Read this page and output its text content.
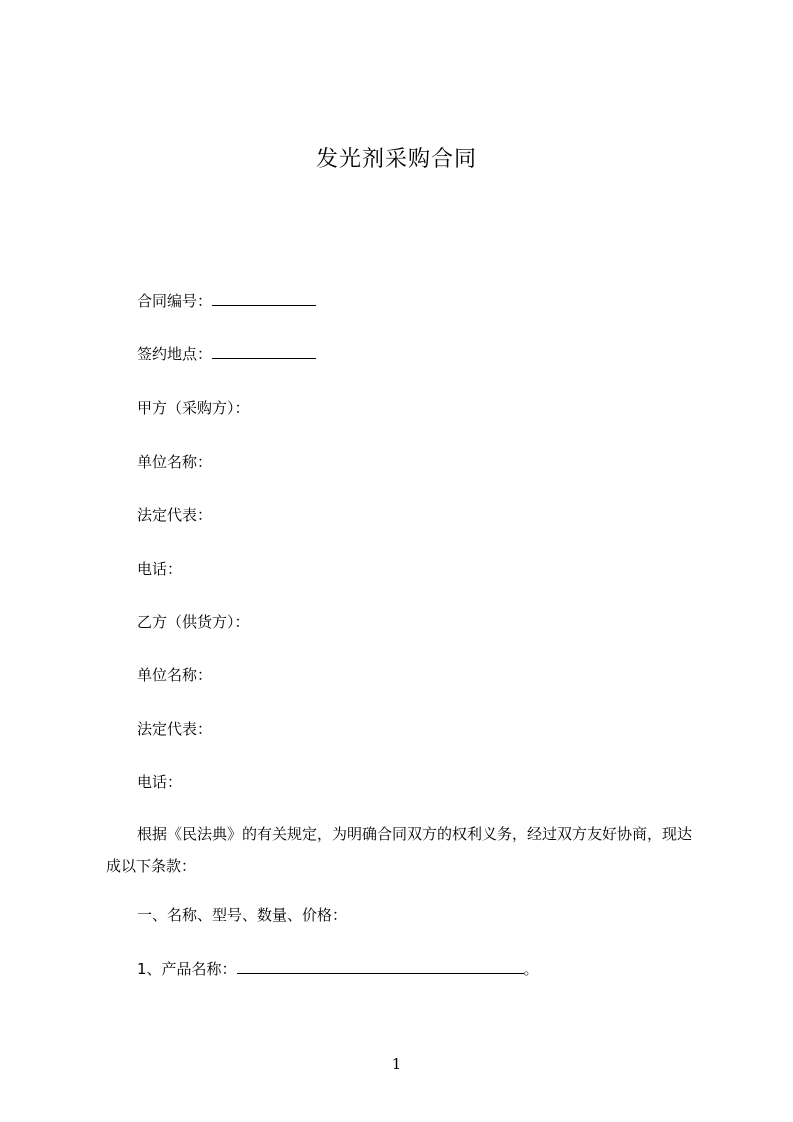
发光剂采购合同
合同编号：
签约地点：
甲方（采购方）：
单位名称：
法定代表：
电话：
乙方（供货方）：
单位名称：
法定代表：
电话：
根据《民法典》的有关规定，为明确合同双方的权利义务，经过双方友好协商，现达成以下条款：
一、名称、型号、数量、价格：
1、产品名称：	。
1
